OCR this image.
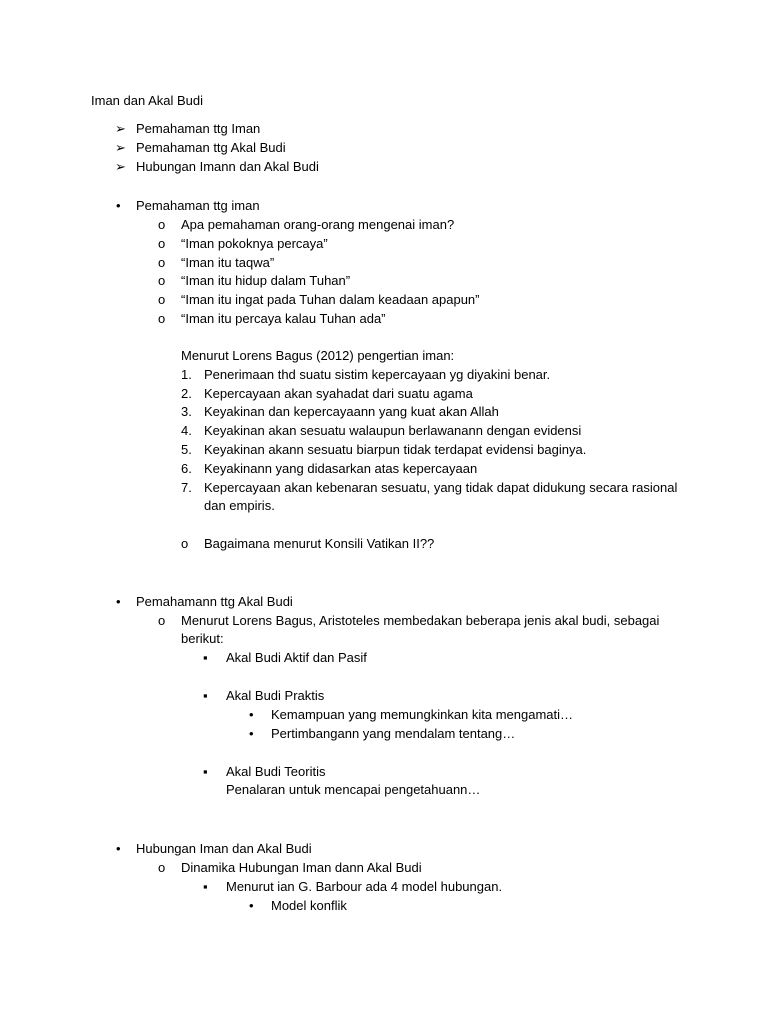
Iman dan Akal Budi
➢ Pemahaman ttg Iman
➢ Pemahaman ttg Akal Budi
➢ Hubungan Imann dan Akal Budi
• Pemahaman ttg iman
o Apa pemahaman orang-orang mengenai iman?
o “Iman pokoknya percaya”
o “Iman itu taqwa”
o “Iman itu hidup dalam Tuhan”
o “Iman itu ingat pada Tuhan dalam keadaan apapun”
o “Iman itu percaya kalau Tuhan ada”
Menurut Lorens Bagus (2012) pengertian iman:
1. Penerimaan thd suatu sistim kepercayaan yg diyakini benar.
2. Kepercayaan akan syahadat dari suatu agama
3. Keyakinan dan kepercayaann yang kuat akan Allah
4. Keyakinan akan sesuatu walaupun berlawanann dengan evidensi
5. Keyakinan akann sesuatu biarpun tidak terdapat evidensi baginya.
6. Keyakinann yang didasarkan atas kepercayaan
7. Kepercayaan akan kebenaran sesuatu, yang tidak dapat didukung secara rasional
dan empiris.
o Bagaimana menurut Konsili Vatikan II??
• Pemahamann ttg Akal Budi
o Menurut Lorens Bagus, Aristoteles membedakan beberapa jenis akal budi, sebagai
berikut:
▪ Akal Budi Aktif dan Pasif
▪ Akal Budi Praktis
• Kemampuan yang memungkinkan kita mengamati…
• Pertimbangann yang mendalam tentang…
▪ Akal Budi Teoritis
Penalaran untuk mencapai pengetahuann…
• Hubungan Iman dan Akal Budi
o Dinamika Hubungan Iman dann Akal Budi
▪ Menurut ian G. Barbour ada 4 model hubungan.
• Model konflik
